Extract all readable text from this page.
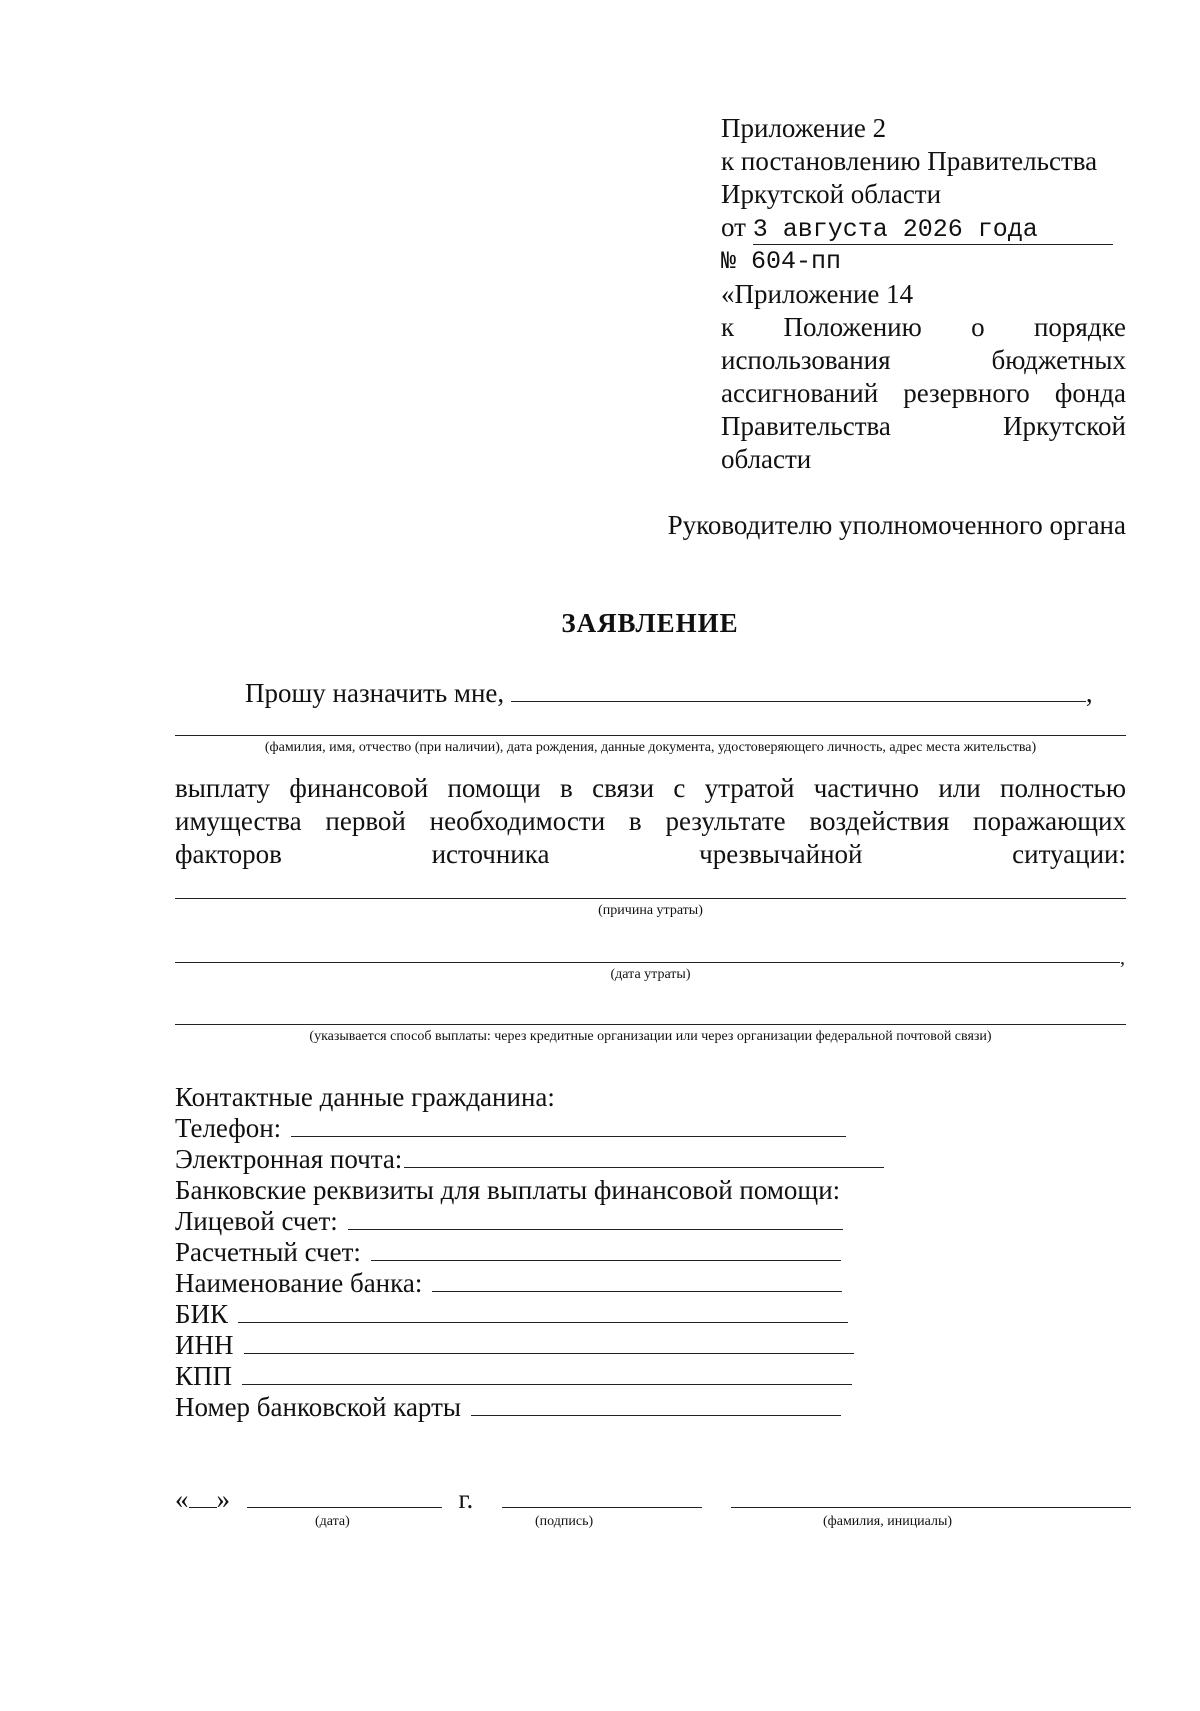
Приложение 2
к постановлению Правительства
Иркутской области
от 3 августа 2026 года
№ 604-пп
«Приложение 14
к Положению о порядке
использования бюджетных
ассигнований резервного фонда
Правительства Иркутской
области
Руководителю уполномоченного органа
ЗАЯВЛЕНИЕ
Прошу назначить мне,	,
(фамилия, имя, отчество (при наличии), дата рождения, данные документа, удостоверяющего личность, адрес места жительства)
выплату финансовой помощи в связи с утратой частично или полностью
имущества первой необходимости в результате воздействия поражающих
факторов источника чрезвычайной ситуации:
(причина утраты)
,
(дата утраты)
(указывается способ выплаты: через кредитные организации или через организации федеральной почтовой связи)
Контактные данные гражданина:
Телефон:
Электронная почта:
Банковские реквизиты для выплаты финансовой помощи:
Лицевой счет:
Расчетный счет:
Наименование банка:
БИК
ИНН
КПП
Номер банковской карты
« »	г.
(дата)	(подпись)	(фамилия, инициалы)
